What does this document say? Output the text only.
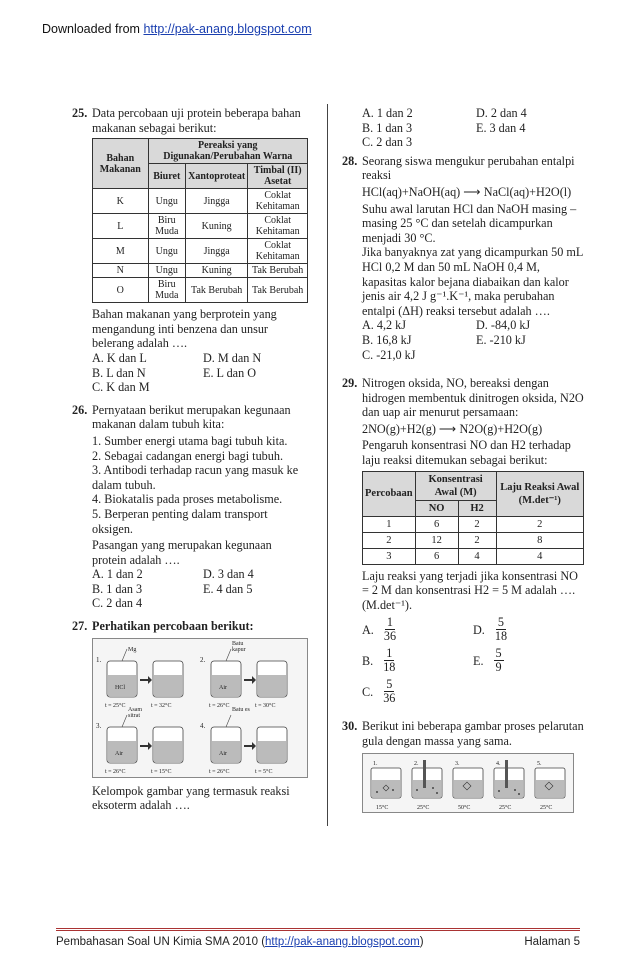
Downloaded from http://pak-anang.blogspot.com
25. Data percobaan uji protein beberapa bahan makanan sebagai berikut:
Bahan Makanan	Pereaksi yang Digunakan/Perubahan Warna		
	Biuret	Xantoproteat	Timbal (II) Asetat
K	Ungu	Jingga	Coklat Kehitaman
L	Biru Muda	Kuning	Coklat Kehitaman
M	Ungu	Jingga	Coklat Kehitaman
N	Ungu	Kuning	Tak Berubah
O	Biru Muda	Tak Berubah	Tak Berubah
Bahan makanan yang berprotein yang mengandung inti benzena dan unsur belerang adalah ….
A. K dan L	D. M dan N
B. L dan N	E. L dan O
C. K dan M
26. Pernyataan berikut merupakan kegunaan makanan dalam tubuh kita:
1. Sumber energi utama bagi tubuh kita.
2. Sebagai cadangan energi bagi tubuh.
3. Antibodi terhadap racun yang masuk ke dalam tubuh.
4. Biokatalis pada proses metabolisme.
5. Berperan penting dalam transport oksigen.
Pasangan yang merupakan kegunaan protein adalah ….
A. 1 dan 2	D. 3 dan 4
B. 1 dan 3	E. 4 dan 5
C. 2 dan 4
27. Perhatikan percobaan berikut:
1.	2.
3.	4.
Mg
Batu kapur
Asam sitrat
Batu es
HCl	Air
Air	Air
t = 25°C	t = 32°C	t = 26°C	t = 30°C
t = 26°C	t = 15°C	t = 26°C	t = 5°C
Kelompok gambar yang termasuk reaksi eksoterm adalah ….
A. 1 dan 2	D. 2 dan 4
B. 1 dan 3	E. 3 dan 4
C. 2 dan 3
28. Seorang siswa mengukur perubahan entalpi reaksi
HCl(aq)+NaOH(aq) ⟶ NaCl(aq)+H2O(l)
Suhu awal larutan HCl dan NaOH masing – masing 25 °C dan setelah dicampurkan menjadi 30 °C.
Jika banyaknya zat yang dicampurkan 50 mL HCl 0,2 M dan 50 mL NaOH 0,4 M, kapasitas kalor bejana diabaikan dan kalor jenis air 4,2 J g⁻¹.K⁻¹, maka perubahan entalpi (ΔH) reaksi tersebut adalah ….
A. 4,2 kJ	D. -84,0 kJ
B. 16,8 kJ	E. -210 kJ
C. -21,0 kJ
29. Nitrogen oksida, NO, bereaksi dengan hidrogen membentuk dinitrogen oksida, N2O dan uap air menurut persamaan:
2NO(g)+H2(g) ⟶ N2O(g)+H2O(g)
Pengaruh konsentrasi NO dan H2 terhadap laju reaksi ditemukan sebagai berikut:
Percobaan	Konsentrasi Awal (M)		Laju Reaksi Awal (M.det⁻¹)
	NO	H2	
1	6	2	2
2	12	2	8
3	6	4	4
Laju reaksi yang terjadi jika konsentrasi NO = 2 M dan konsentrasi H2 = 5 M adalah …. (M.det⁻¹).
A. $\frac{1}{36}$	D. $\frac{5}{18}$
B. $\frac{1}{18}$	E. $\frac{5}{9}$
C. $\frac{5}{36}$
30. Berikut ini beberapa gambar proses pelarutan gula dengan massa yang sama.
1.	2.	3.	4.	5.
15°C	25°C	50°C	25°C	25°C
Pembahasan Soal UN Kimia SMA 2010 (http://pak-anang.blogspot.com)	Halaman 5
